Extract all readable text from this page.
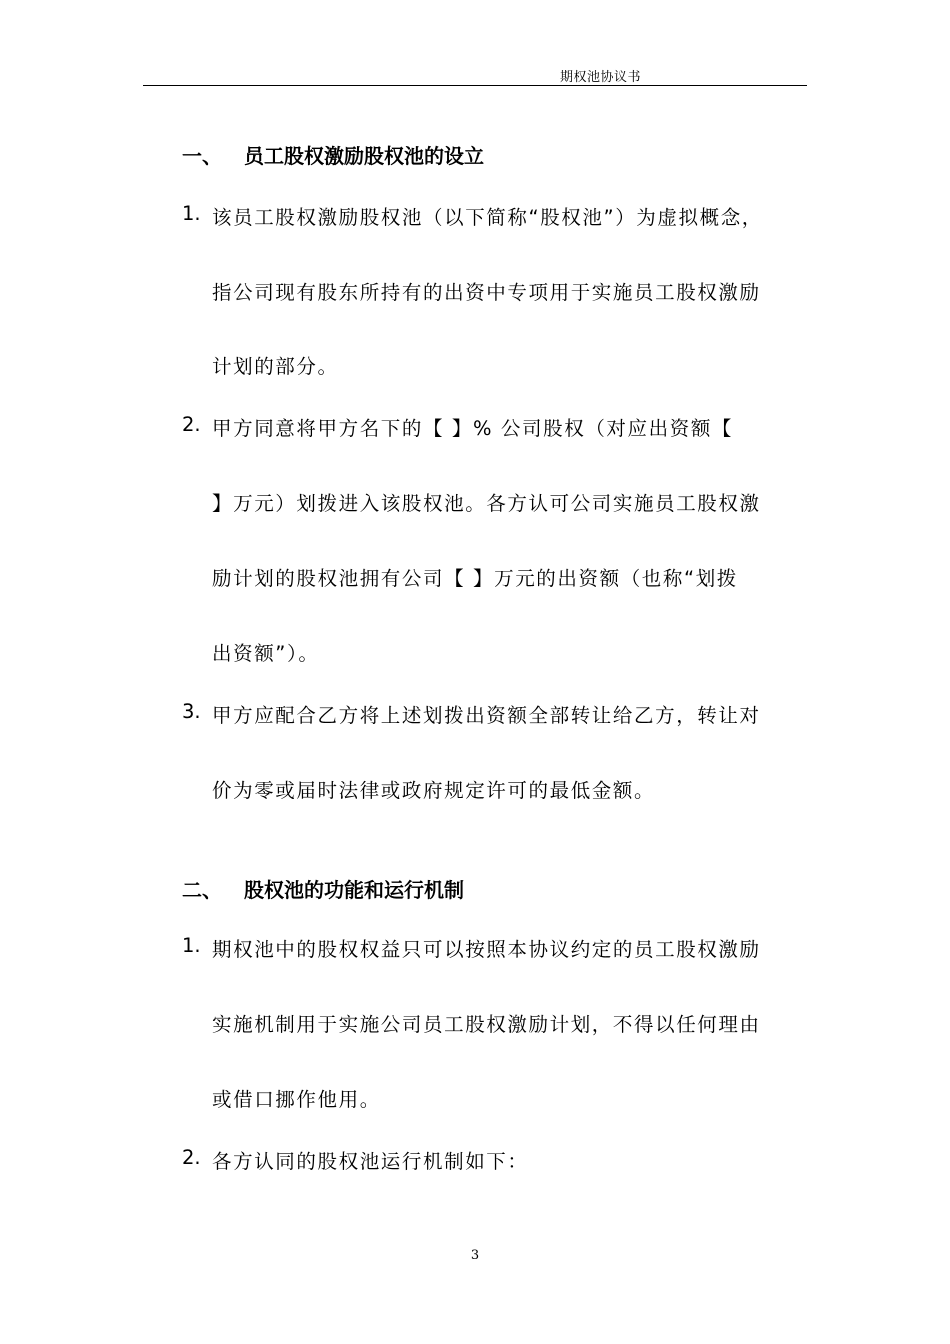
期权池协议书
一、 员工股权激励股权池的设立
1. 该员工股权激励股权池（以下简称“股权池”）为虚拟概念，
指公司现有股东所持有的出资中专项用于实施员工股权激励
计划的部分。
2. 甲方同意将甲方名下的【 】% 公司股权（对应出资额【
】万元）划拨进入该股权池。各方认可公司实施员工股权激
励计划的股权池拥有公司【 】万元的出资额（也称“划拨
出资额”）。
3. 甲方应配合乙方将上述划拨出资额全部转让给乙方，转让对
价为零或届时法律或政府规定许可的最低金额。
二、 股权池的功能和运行机制
1. 期权池中的股权权益只可以按照本协议约定的员工股权激励
实施机制用于实施公司员工股权激励计划，不得以任何理由
或借口挪作他用。
2. 各方认同的股权池运行机制如下：
3
